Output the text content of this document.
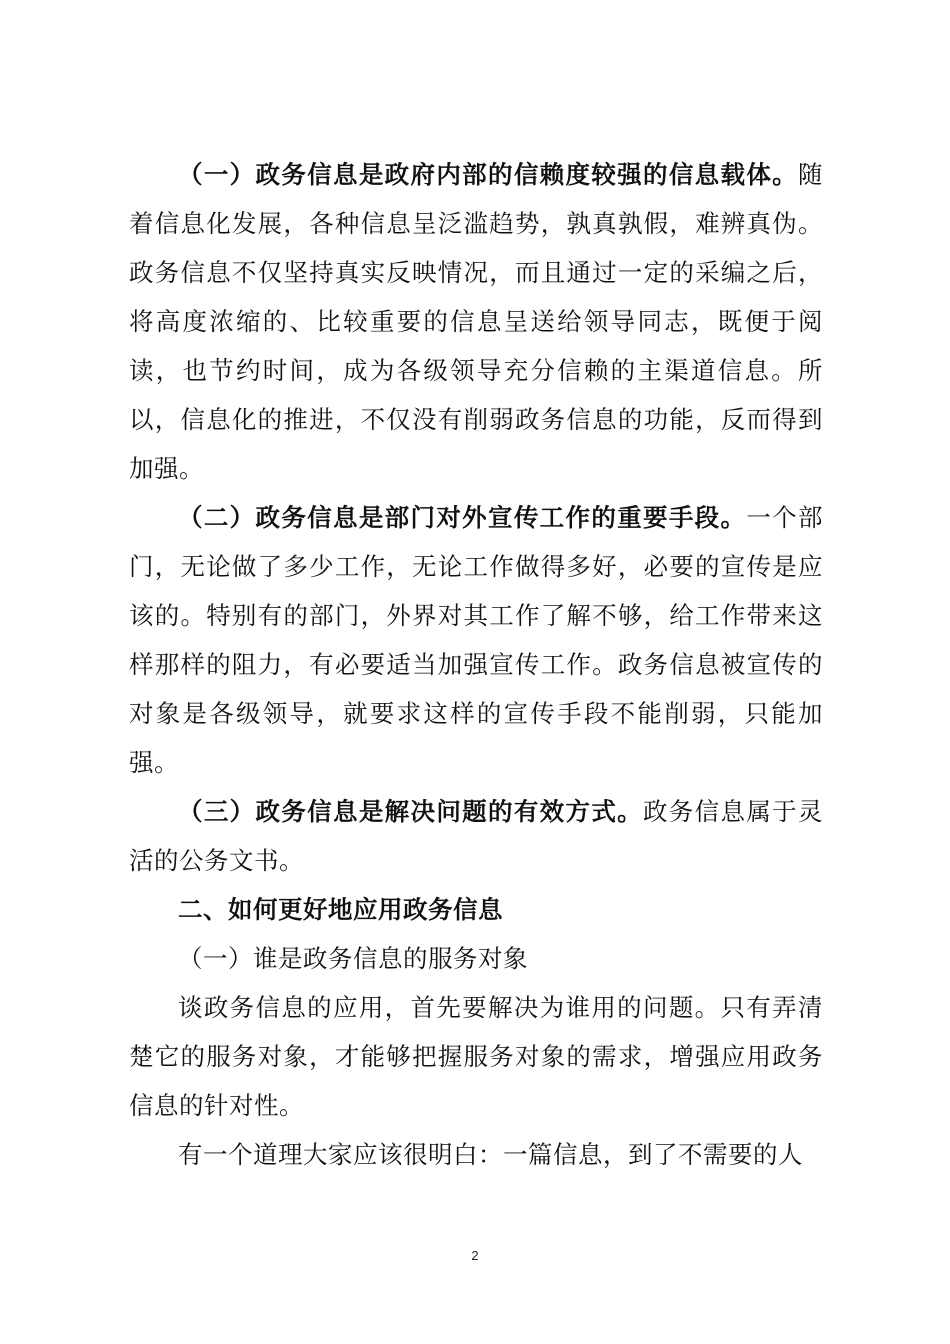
（一）政务信息是政府内部的信赖度较强的信息载体。随着信息化发展，各种信息呈泛滥趋势，孰真孰假，难辨真伪。政务信息不仅坚持真实反映情况，而且通过一定的采编之后，将高度浓缩的、比较重要的信息呈送给领导同志，既便于阅读，也节约时间，成为各级领导充分信赖的主渠道信息。所以，信息化的推进，不仅没有削弱政务信息的功能，反而得到加强。

（二）政务信息是部门对外宣传工作的重要手段。一个部门，无论做了多少工作，无论工作做得多好，必要的宣传是应该的。特别有的部门，外界对其工作了解不够，给工作带来这样那样的阻力，有必要适当加强宣传工作。政务信息被宣传的对象是各级领导，就要求这样的宣传手段不能削弱，只能加强。

（三）政务信息是解决问题的有效方式。政务信息属于灵活的公务文书。

二、如何更好地应用政务信息

（一）谁是政务信息的服务对象

谈政务信息的应用，首先要解决为谁用的问题。只有弄清楚它的服务对象，才能够把握服务对象的需求，增强应用政务信息的针对性。

有一个道理大家应该很明白：一篇信息，到了不需要的人

2
